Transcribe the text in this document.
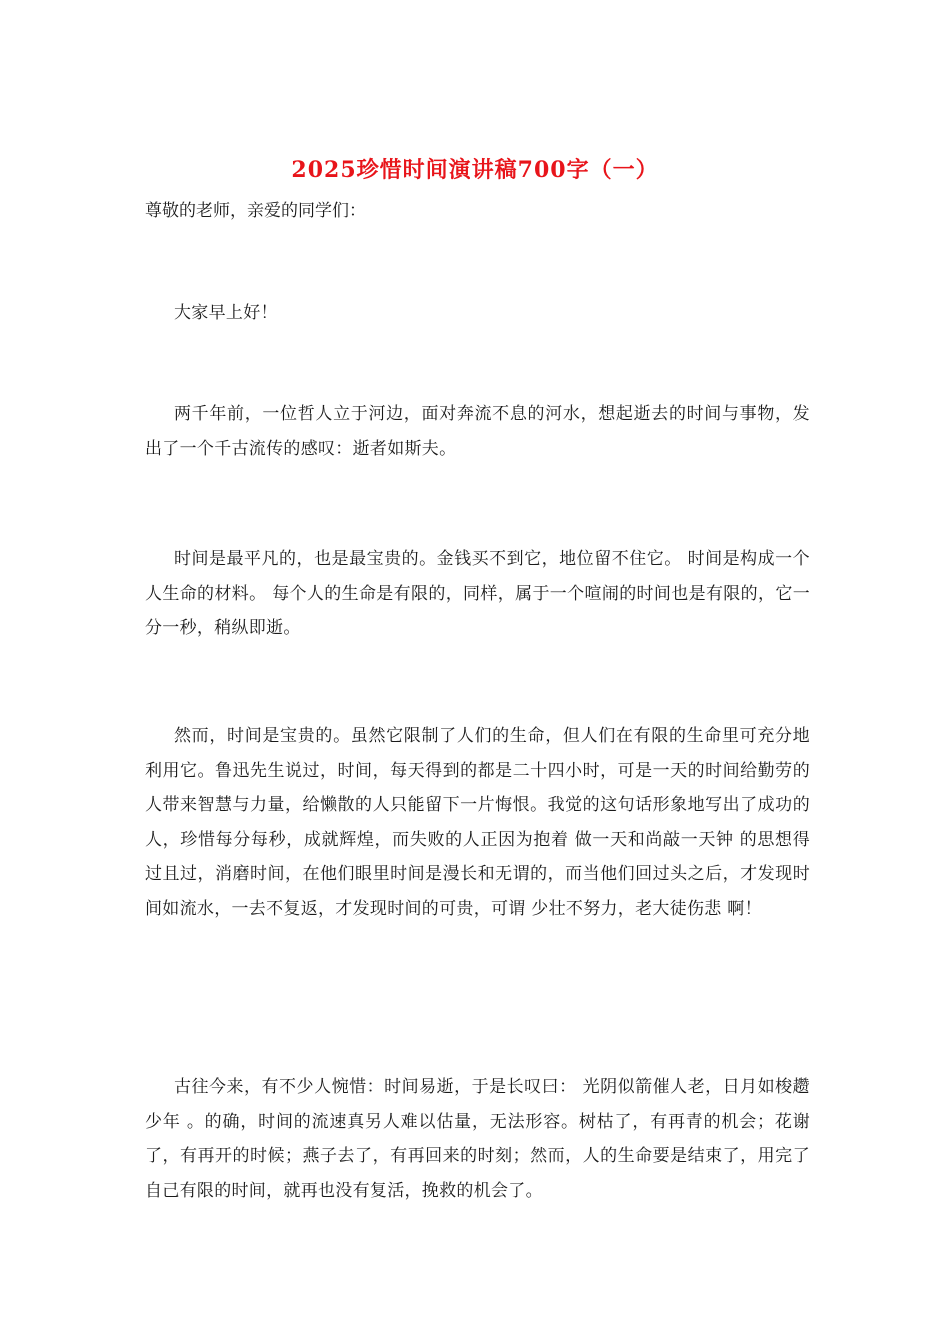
2025珍惜时间演讲稿700字（一）
尊敬的老师，亲爱的同学们：
大家早上好！
两千年前，一位哲人立于河边，面对奔流不息的河水，想起逝去的时间与事物，发出了一个千古流传的感叹：逝者如斯夫。
时间是最平凡的，也是最宝贵的。金钱买不到它，地位留不住它。 时间是构成一个人生命的材料。 每个人的生命是有限的，同样，属于一个喧闹的时间也是有限的，它一分一秒，稍纵即逝。
然而，时间是宝贵的。虽然它限制了人们的生命，但人们在有限的生命里可充分地利用它。鲁迅先生说过，时间，每天得到的都是二十四小时，可是一天的时间给勤劳的人带来智慧与力量，给懒散的人只能留下一片悔恨。我觉的这句话形象地写出了成功的人，珍惜每分每秒，成就辉煌，而失败的人正因为抱着 做一天和尚敲一天钟 的思想得过且过，消磨时间，在他们眼里时间是漫长和无谓的，而当他们回过头之后，才发现时间如流水，一去不复返，才发现时间的可贵，可谓 少壮不努力，老大徒伤悲 啊！
古往今来，有不少人惋惜：时间易逝，于是长叹曰： 光阴似箭催人老，日月如梭趱少年 。的确，时间的流速真另人难以估量，无法形容。树枯了，有再青的机会；花谢了，有再开的时候；燕子去了，有再回来的时刻；然而，人的生命要是结束了，用完了自己有限的时间，就再也没有复活，挽救的机会了。
